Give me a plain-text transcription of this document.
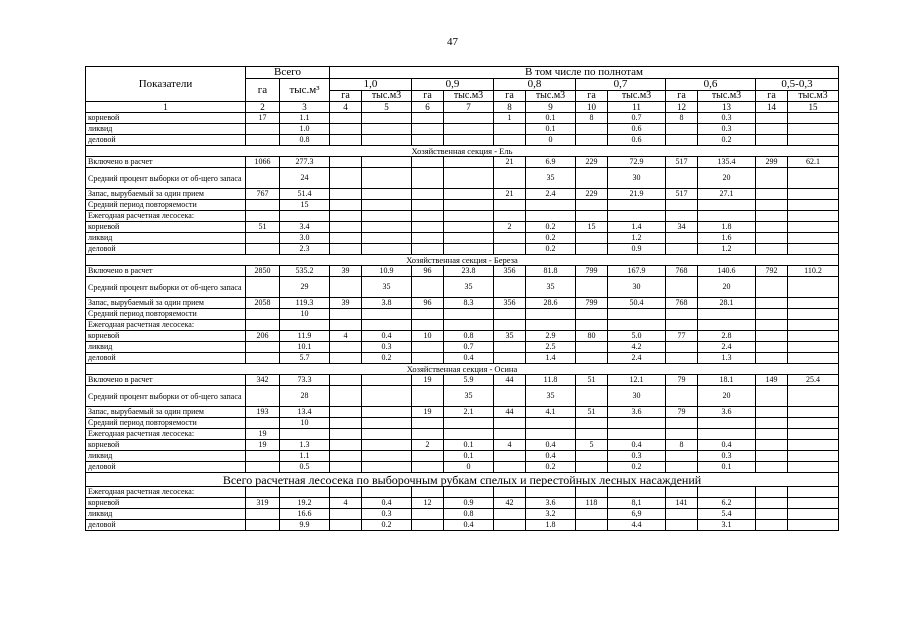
47
Показатели	Всего		В том числе по полнотам											
	га	тыс.м³	1,0		0,9		0,8		0,7		0,6		0,5-0,3	
			га	тыс.м3	га	тыс.м3	га	тыс.м3	га	тыс.м3	га	тыс.м3	га	тыс.м3
1	2	3	4	5	6	7	8	9	10	11	12	13	14	15
корневой	17	1.1					1	0.1	8	0.7	8	0.3		
ликвид		1.0						0.1		0.6		0.3		
деловой		0.8						0		0.6		0.2		
Хозяйственная секция - Ель														
Включено в расчет	1066	277.3					21	6.9	229	72.9	517	135.4	299	62.1
Средний процент выборки от об-щего запаса		24						35		30		20		
Запас, вырубаемый за один прием	767	51.4					21	2.4	229	21.9	517	27.1		
Средний период повторяемости		15												
Ежегодная расчетная лесосека:														
корневой	51	3.4					2	0.2	15	1.4	34	1.8		
ликвид		3.0						0.2		1.2		1.6		
деловой		2.3						0.2		0.9		1.2		
Хозяйственная секция - Береза														
Включено в расчет	2850	535.2	39	10.9	96	23.8	356	81.8	799	167.9	768	140.6	792	110.2
Средний процент выборки от об-щего запаса		29		35		35		35		30		20		
Запас, вырубаемый за один прием	2058	119.3	39	3.8	96	8.3	356	28.6	799	50.4	768	28.1		
Средний период повторяемости		10												
Ежегодная расчетная лесосека:														
корневой	206	11.9	4	0.4	10	0.8	35	2.9	80	5.0	77	2.8		
ликвид		10.1		0.3		0.7		2.5		4.2		2.4		
деловой		5.7		0.2		0.4		1.4		2.4		1.3		
Хозяйственная секция - Осина														
Включено в расчет	342	73.3			19	5.9	44	11.8	51	12.1	79	18.1	149	25.4
Средний процент выборки от об-щего запаса		28				35		35		30		20		
Запас, вырубаемый за один прием	193	13.4			19	2.1	44	4.1	51	3.6	79	3.6		
Средний период повторяемости		10												
Ежегодная расчетная лесосека:	19													
корневой	19	1.3			2	0.1	4	0.4	5	0.4	8	0.4		
ликвид		1.1				0.1		0.4		0.3		0.3		
деловой		0.5				0		0.2		0.2		0.1		
Всего расчетная лесосека по выборочным рубкам спелых и перестойных лесных насаждений														
Ежегодная расчетная лесосека:														
корневой	319	19.2	4	0.4	12	0.9	42	3.6	118	8,1	141	6.2		
ликвид		16.6		0.3		0.8		3.2		6,9		5.4		
деловой		9.9		0.2		0.4		1.8		4.4		3.1		
